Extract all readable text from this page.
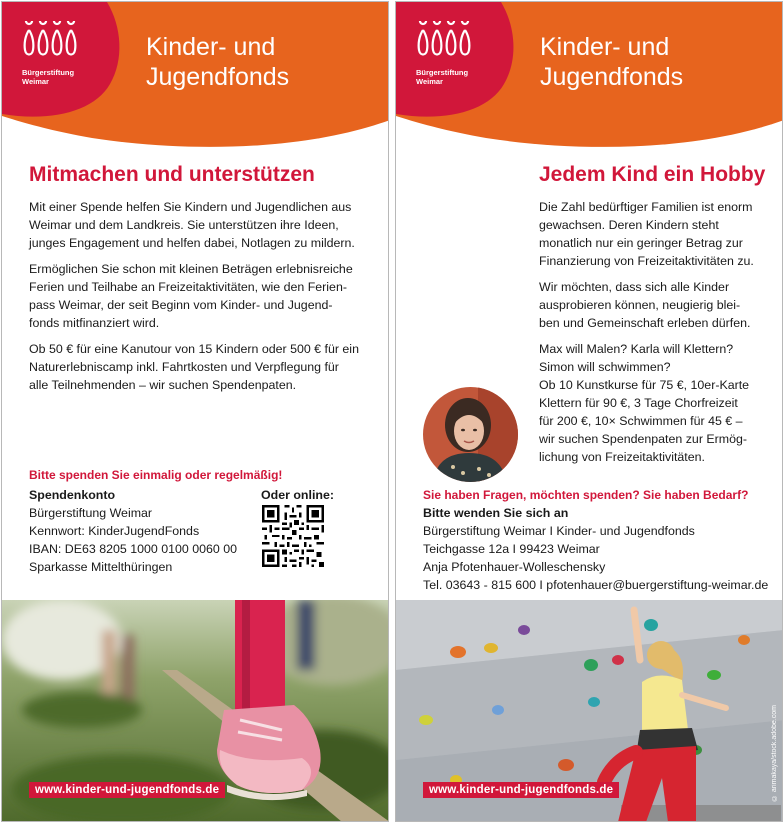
Bürgerstiftung
Weimar
Kinder- und
Jugendfonds
Mitmachen und unterstützen

Mit einer Spende helfen Sie Kindern und Jugendlichen aus
Weimar und dem Landkreis. Sie unterstützen ihre Ideen,
junges Engagement und helfen dabei, Notlagen zu mildern.

Ermöglichen Sie schon mit kleinen Beträgen erlebnisreiche
Ferien und Teilhabe an Freizeitaktivitäten, wie den Ferien-
pass Weimar, der seit Beginn vom Kinder- und Jugend-
fonds mitfinanziert wird.

Ob 50 € für eine Kanutour von 15 Kindern oder 500 € für ein
Naturerlebniscamp inkl. Fahrtkosten und Verpflegung für
alle Teilnehmenden – wir suchen Spendenpaten.

Bitte spenden Sie einmalig oder regelmäßig!
Spendenkonto
Bürgerstiftung Weimar
Kennwort: KinderJugendFonds
IBAN: DE63 8205 1000 0100 0060 00
Sparkasse Mittelthüringen
Oder online:
www.kinder-und-jugendfonds.de
Bürgerstiftung
Weimar
Kinder- und
Jugendfonds
Jedem Kind ein Hobby

Die Zahl bedürftiger Familien ist enorm
gewachsen. Deren Kindern steht
monatlich nur ein geringer Betrag zur
Finanzierung von Freizeitaktivitäten zu.

Wir möchten, dass sich alle Kinder
ausprobieren können, neugierig blei-
ben und Gemeinschaft erleben dürfen.

Max will Malen? Karla will Klettern?
Simon will schwimmen?
Ob 10 Kunstkurse für 75 €, 10er-Karte
Klettern für 90 €, 3 Tage Chorfreizeit
für 200 €, 10× Schwimmen für 45 € –
wir suchen Spendenpaten zur Ermög-
lichung von Freizeitaktivitäten.

Sie haben Fragen, möchten spenden? Sie haben Bedarf?
Bitte wenden Sie sich an
Bürgerstiftung Weimar I Kinder- und Jugendfonds
Teichgasse 12a I 99423 Weimar
Anja Pfotenhauer-Wolleschensky
Tel. 03643 - 815 600 I pfotenhauer@buergerstiftung-weimar.de
© arimakaya/stock.adobe.com
www.kinder-und-jugendfonds.de
